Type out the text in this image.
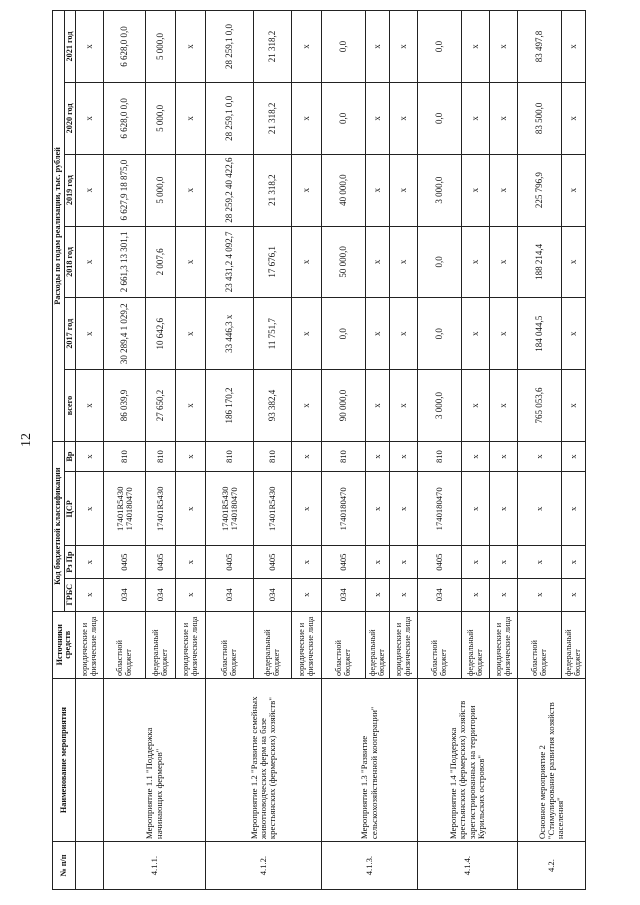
12
№ п/п	Наименование мероприятия	Источники средств	Код бюджетной классификации				Расходы по годам реализации, тыс. рублей					
			ГРБС	Рз Пр	ЦСР	Вр	всего	2017 год	2018 год	2019 год	2020 год	2021 год
		юридические и физические лица	x	x	x	x	x	x	x	x	x	x
4.1.1.	Мероприятие 1.1 "Поддержка начинающих фермеров"	областной бюджет	034	0405	17401R5430 1740180470	810	86 039,9	30 289,4 1 029,2	2 661,3 13 301,1	6 627,9 18 875,0	6 628,0 0,0	6 628,0 0,0
		федеральный бюджет	034	0405	17401R5430	810	27 650,2	10 642,6	2 007,6	5 000,0	5 000,0	5 000,0
		юридические и физические лица	x	x	x	x	x	x	x	x	x	x
4.1.2.	Мероприятие 1.2 "Развитие семейных животноводческих ферм на базе крестьянских (фермерских) хозяйств"	областной бюджет	034	0405	17401R5430 1740180470	810	186 170,2	33 446,3 x	23 431,2 4 092,7	28 259,2 40 422,6	28 259,1 0,0	28 259,1 0,0
		федеральный бюджет	034	0405	17401R5430	810	93 382,4	11 751,7	17 676,1	21 318,2	21 318,2	21 318,2
		юридические и физические лица	x	x	x	x	x	x	x	x	x	x
4.1.3.	Мероприятие 1.3 "Развитие сельскохозяйственной кооперации"	областной бюджет	034	0405	1740180470	810	90 000,0	0,0	50 000,0	40 000,0	0,0	0,0
		федеральный бюджет	x	x	x	x	x	x	x	x	x	x
		юридические и физические лица	x	x	x	x	x	x	x	x	x	x
4.1.4.	Мероприятие 1.4 "Поддержка крестьянских (фермерских) хозяйств зарегистрированных на территории Курильских островов"	областной бюджет	034	0405	1740180470	810	3 000,0	0,0	0,0	3 000,0	0,0	0,0
		федеральный бюджет	x	x	x	x	x	x	x	x	x	x
		юридические и физические лица	x	x	x	x	x	x	x	x	x	x
4.2.	Основное мероприятие 2 "Стимулирование развития хозяйств населения"	областной бюджет	x	x	x	x	765 053,6	184 044,5	188 214,4	225 796,9	83 500,0	83 497,8
		федеральный бюджет	x	x	x	x	x	x	x	x	x	x
